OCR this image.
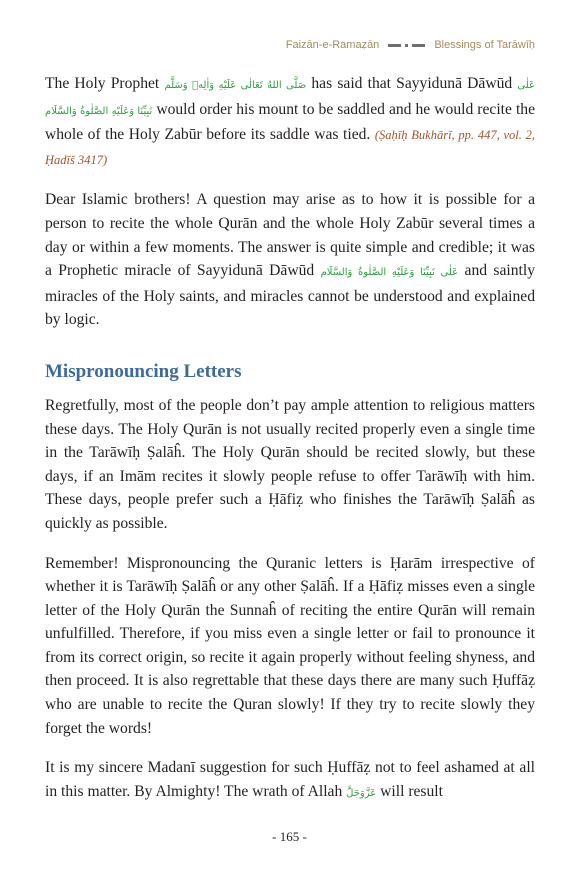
Faizān-e-Ramaẓān	Blessings of Tarāwīḥ

The Holy Prophet صَلَّى اللهُ تَعَالٰى عَلَيْهِ وَاٰلِهٖ وَسَلَّم has said that Sayyidunā Dāwūd عَلٰى نَبِيِّنَا وَعَلَيْهِ الصَّلٰوةُ وَالسَّلَام would order his mount to be saddled and he would recite the whole of the Holy Zabūr before its saddle was tied. (Ṣaḥīḥ Bukhārī, pp. 447, vol. 2, Ḥadīš 3417)

Dear Islamic brothers! A question may arise as to how it is possible for a person to recite the whole Qurān and the whole Holy Zabūr several times a day or within a few moments. The answer is quite simple and credible; it was a Prophetic miracle of Sayyidunā Dāwūd عَلٰى نَبِيِّنَا وَعَلَيْهِ الصَّلٰوةُ وَالسَّلَام and saintly miracles of the Holy saints, and miracles cannot be understood and explained by logic.

Mispronouncing Letters

Regretfully, most of the people don’t pay ample attention to religious matters these days. The Holy Qurān is not usually recited properly even a single time in the Tarāwīḥ Ṣalāĥ. The Holy Qurān should be recited slowly, but these days, if an Imām recites it slowly people refuse to offer Tarāwīḥ with him. These days, people prefer such a Ḥāfiẓ who finishes the Tarāwīḥ Ṣalāĥ as quickly as possible.

Remember! Mispronouncing the Quranic letters is Ḥarām irrespective of whether it is Tarāwīḥ Ṣalāĥ or any other Ṣalāĥ. If a Ḥāfiẓ misses even a single letter of the Holy Qurān the Sunnaĥ of reciting the entire Qurān will remain unfulfilled. Therefore, if you miss even a single letter or fail to pronounce it from its correct origin, so recite it again properly without feeling shyness, and then proceed. It is also regrettable that these days there are many such Ḥuffāẓ who are unable to recite the Quran slowly! If they try to recite slowly they forget the words!

It is my sincere Madanī suggestion for such Ḥuffāẓ not to feel ashamed at all in this matter. By Almighty! The wrath of Allah عَزَّوَجَلَّ will result

- 165 -
